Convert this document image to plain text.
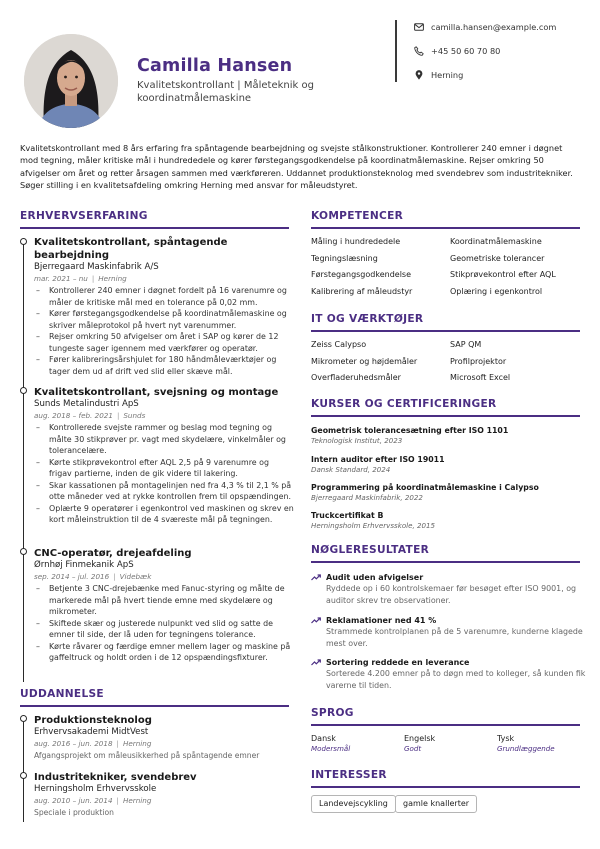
Camilla Hansen
Kvalitetskontrollant | Måleteknik og koordinatmålemaskine
camilla.hansen@example.com
+45 50 60 70 80
Herning
Kvalitetskontrollant med 8 års erfaring fra spåntagende bearbejdning og svejste stålkonstruktioner. Kontrollerer 240 emner i døgnet mod tegning, måler kritiske mål i hundrededele og kører førstegangsgodkendelse på koordinatmålemaskine. Rejser omkring 50 afvigelser om året og retter årsagen sammen med værkføreren. Uddannet produktionsteknolog med svendebrev som industritekniker. Søger stilling i en kvalitetsafdeling omkring Herning med ansvar for måleudstyret.
ERHVERVSERFARING
Kvalitetskontrollant, spåntagende bearbejdning
Bjerregaard Maskinfabrik A/S
mar. 2021 – nu | Herning
– Kontrollerer 240 emner i døgnet fordelt på 16 varenumre og måler de kritiske mål med en tolerance på 0,02 mm.
– Kører førstegangsgodkendelse på koordinatmålemaskine og skriver måleprotokol på hvert nyt varenummer.
– Rejser omkring 50 afvigelser om året i SAP og kører de 12 tungeste sager igennem med værkfører og operatør.
– Fører kalibreringsårshjulet for 180 håndmåleværktøjer og tager dem ud af drift ved slid eller skæve mål.
Kvalitetskontrollant, svejsning og montage
Sunds Metalindustri ApS
aug. 2018 – feb. 2021 | Sunds
– Kontrollerede svejste rammer og beslag mod tegning og målte 30 stikprøver pr. vagt med skydelære, vinkelmåler og tolerancelære.
– Kørte stikprøvekontrol efter AQL 2,5 på 9 varenumre og frigav partierne, inden de gik videre til lakering.
– Skar kassationen på montagelinjen ned fra 4,3 % til 2,1 % på otte måneder ved at rykke kontrollen frem til opspændingen.
– Oplærte 9 operatører i egenkontrol ved maskinen og skrev en kort måleinstruktion til de 4 sværeste mål på tegningen.
CNC-operatør, drejeafdeling
Ørnhøj Finmekanik ApS
sep. 2014 – jul. 2016 | Videbæk
– Betjente 3 CNC-drejebænke med Fanuc-styring og målte de markerede mål på hvert tiende emne med skydelære og mikrometer.
– Skiftede skær og justerede nulpunkt ved slid og satte de emner til side, der lå uden for tegningens tolerance.
– Kørte råvarer og færdige emner mellem lager og maskine på gaffeltruck og holdt orden i de 12 opspændingsfixturer.
UDDANNELSE
Produktionsteknolog
Erhvervsakademi MidtVest
aug. 2016 – jun. 2018 | Herning
Afgangsprojekt om måleusikkerhed på spåntagende emner
Industritekniker, svendebrev
Herningsholm Erhvervsskole
aug. 2010 – jun. 2014 | Herning
Speciale i produktion
KOMPETENCER
Måling i hundrededele
Tegningslæsning
Førstegangsgodkendelse
Kalibrering af måleudstyr
Koordinatmålemaskine
Geometriske tolerancer
Stikprøvekontrol efter AQL
Oplæring i egenkontrol
IT OG VÆRKTØJER
Zeiss Calypso
Mikrometer og højdemåler
Overfladeruhedsmåler
SAP QM
Profilprojektor
Microsoft Excel
KURSER OG CERTIFICERINGER
Geometrisk tolerancesætning efter ISO 1101
Teknologisk Institut, 2023
Intern auditor efter ISO 19011
Dansk Standard, 2024
Programmering på koordinatmålemaskine i Calypso
Bjerregaard Maskinfabrik, 2022
Truckcertifikat B
Herningsholm Erhvervsskole, 2015
NØGLERESULTATER
Audit uden afvigelser
Ryddede op i 60 kontrolskemaer før besøget efter ISO 9001, og auditor skrev tre observationer.
Reklamationer ned 41 %
Strammede kontrolplanen på de 5 varenumre, kunderne klagede mest over.
Sortering reddede en leverance
Sorterede 4.200 emner på to døgn med to kolleger, så kunden fik varerne til tiden.
SPROG
Dansk
Modersmål
Engelsk
Godt
Tysk
Grundlæggende
INTERESSER
Landevejscykling	gamle knallerter
